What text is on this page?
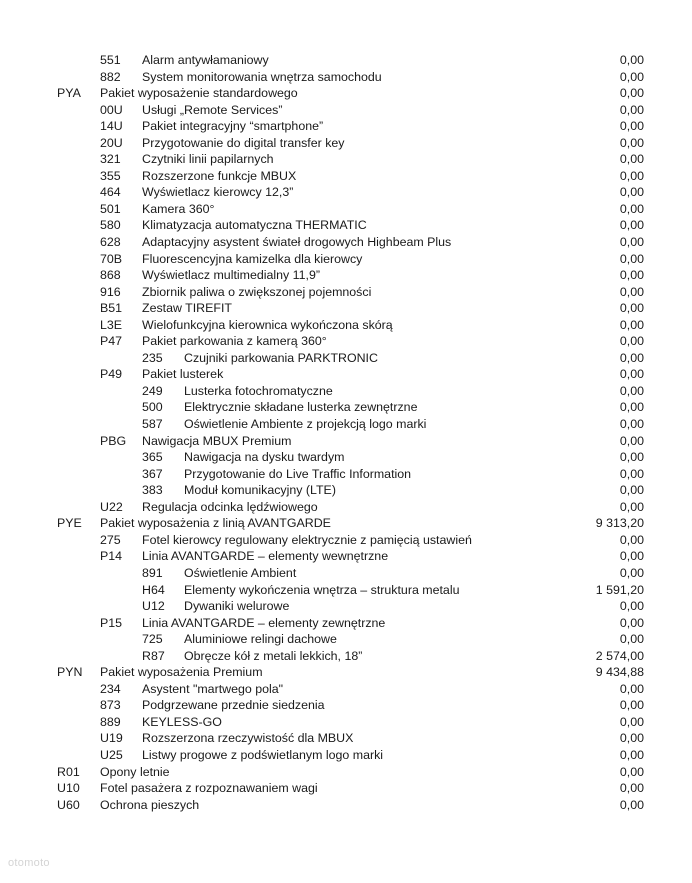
551 Alarm antywłamaniowy	0,00
882 System monitorowania wnętrza samochodu	0,00
PYA Pakiet wyposażenie standardowego	0,00
00U Usługi „Remote Services”	0,00
14U Pakiet integracyjny “smartphone”	0,00
20U Przygotowanie do digital transfer key	0,00
321 Czytniki linii papilarnych	0,00
355 Rozszerzone funkcje MBUX	0,00
464 Wyświetlacz kierowcy 12,3”	0,00
501 Kamera 360°	0,00
580 Klimatyzacja automatyczna THERMATIC	0,00
628 Adaptacyjny asystent świateł drogowych Highbeam Plus	0,00
70B Fluorescencyjna kamizelka dla kierowcy	0,00
868 Wyświetlacz multimedialny 11,9”	0,00
916 Zbiornik paliwa o zwiększonej pojemności	0,00
B51 Zestaw TIREFIT	0,00
L3E Wielofunkcyjna kierownica wykończona skórą	0,00
P47 Pakiet parkowania z kamerą 360°	0,00
235 Czujniki parkowania PARKTRONIC	0,00
P49 Pakiet lusterek	0,00
249 Lusterka fotochromatyczne	0,00
500 Elektrycznie składane lusterka zewnętrzne	0,00
587 Oświetlenie Ambiente z projekcją logo marki	0,00
PBG Nawigacja MBUX Premium	0,00
365 Nawigacja na dysku twardym	0,00
367 Przygotowanie do Live Traffic Information	0,00
383 Moduł komunikacyjny (LTE)	0,00
U22 Regulacja odcinka lędźwiowego	0,00
PYE Pakiet wyposażenia z linią AVANTGARDE	9 313,20
275 Fotel kierowcy regulowany elektrycznie z pamięcią ustawień	0,00
P14 Linia AVANTGARDE – elementy wewnętrzne	0,00
891 Oświetlenie Ambient	0,00
H64 Elementy wykończenia wnętrza – struktura metalu	1 591,20
U12 Dywaniki welurowe	0,00
P15 Linia AVANTGARDE – elementy zewnętrzne	0,00
725 Aluminiowe relingi dachowe	0,00
R87 Obręcze kół z metali lekkich, 18”	2 574,00
PYN Pakiet wyposażenia Premium	9 434,88
234 Asystent "martwego pola"	0,00
873 Podgrzewane przednie siedzenia	0,00
889 KEYLESS-GO	0,00
U19 Rozszerzona rzeczywistość dla MBUX	0,00
U25 Listwy progowe z podświetlanym logo marki	0,00
R01 Opony letnie	0,00
U10 Fotel pasażera z rozpoznawaniem wagi	0,00
U60 Ochrona pieszych	0,00
otomoto
